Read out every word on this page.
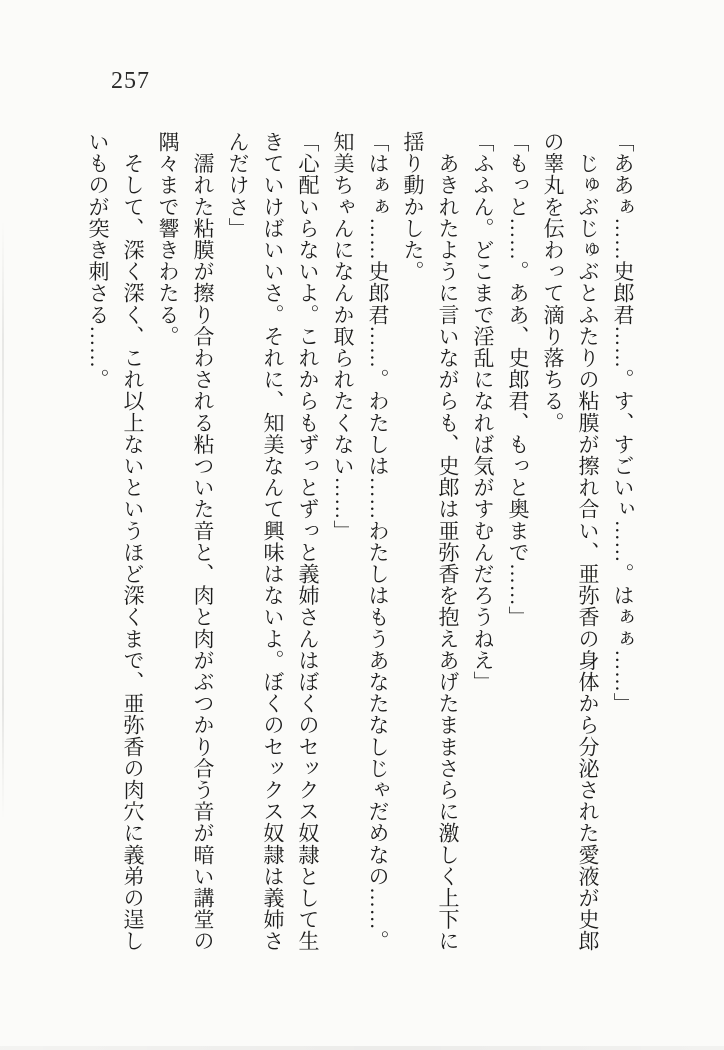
257

「ああぁ……史郎君……。す、すごいぃ……。はぁぁ……」

　じゅぶじゅぶとふたりの粘膜が擦れ合い、亜弥香の身体から分泌された愛液が史郎

の睾丸を伝わって滴り落ちる。

「もっと……。ああ、史郎君、もっと奥まで……」

「ふふん。どこまで淫乱になれば気がすむんだろうねえ」

　あきれたように言いながらも、史郎は亜弥香を抱えあげたままさらに激しく上下に

揺り動かした。

「はぁぁ……史郎君……。わたしは……わたしはもうあなたなしじゃだめなの……。

知美ちゃんになんか取られたくない……」

「心配いらないよ。これからもずっとずっと義姉さんはぼくのセックス奴隷として生

きていけばいいさ。それに、知美なんて興味はないよ。ぼくのセックス奴隷は義姉さ

んだけさ」

　濡れた粘膜が擦り合わされる粘ついた音と、肉と肉がぶつかり合う音が暗い講堂の

隅々まで響きわたる。

　そして、深く深く、これ以上ないというほど深くまで、亜弥香の肉穴に義弟の逞し

いものが突き刺さる……。
